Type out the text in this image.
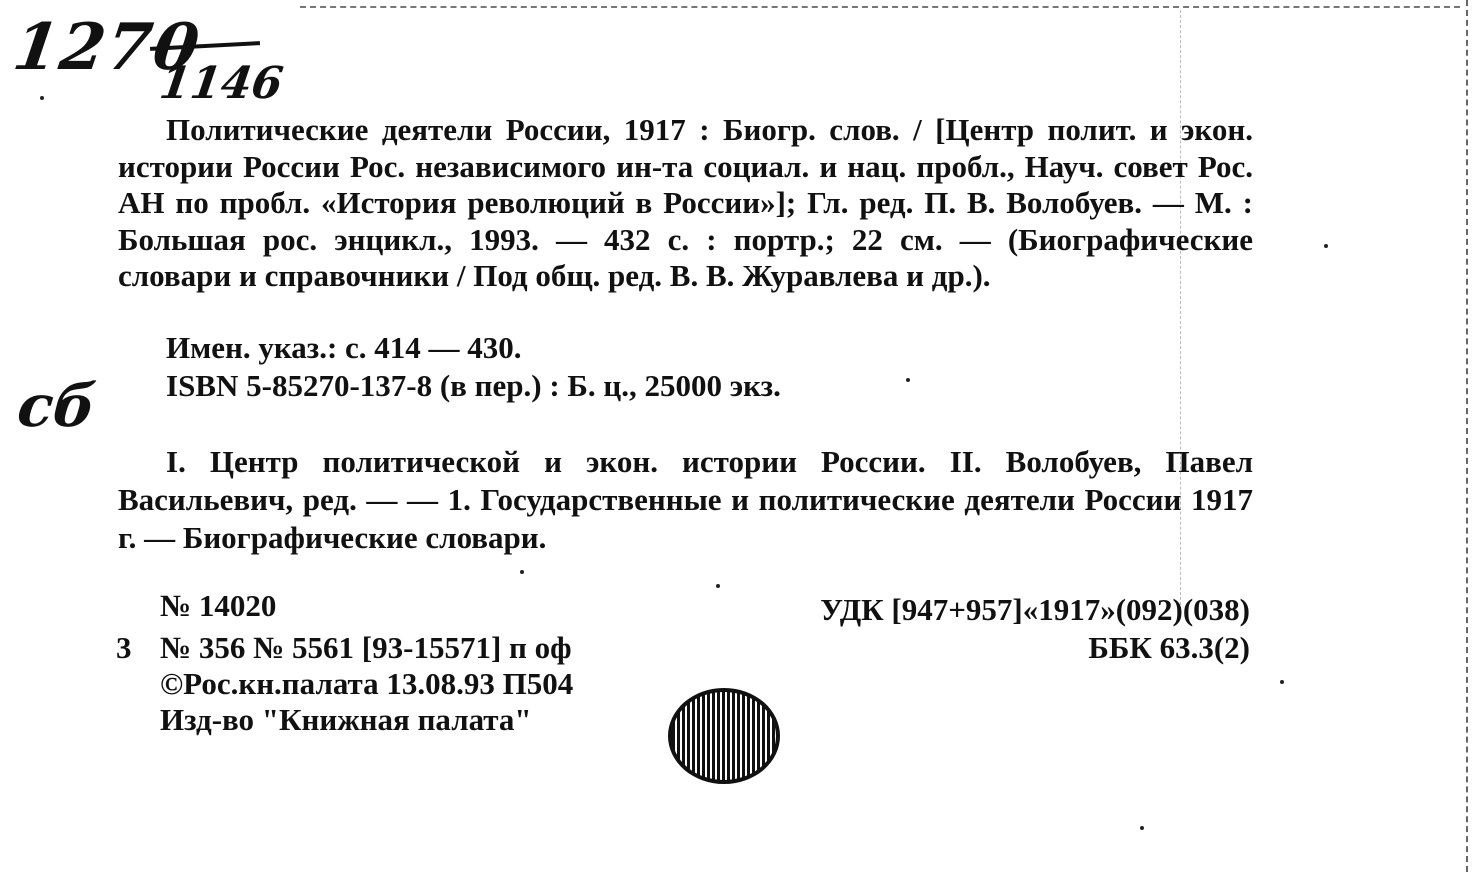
1270
1146
сб

Политические деятели России, 1917 : Биогр. слов. / [Центр полит. и экон. истории России Рос. независимого ин-та социал. и нац. пробл., Науч. совет Рос. АН по пробл. «История революций в России»]; Гл. ред. П. В. Волобуев. — М. : Большая рос. энцикл., 1993. — 432 с. : портр.; 22 см. — (Биографические словари и справочники / Под общ. ред. В. В. Журавлева и др.).

Имен. указ.: с. 414 — 430.
ISBN 5-85270-137-8 (в пер.) : Б. ц., 25000 экз.

I. Центр политической и экон. истории России. II. Волобуев, Павел Васильевич, ред. — — 1. Государственные и политические деятели России 1917 г. — Биографические словари.

№ 14020
3 № 356 № 5561 [93-15571] п оф
©Рос.кн.палата 13.08.93 П504
Изд-во "Книжная палата"
УДК [947+957]«1917»(092)(038)
ББК 63.3(2)
